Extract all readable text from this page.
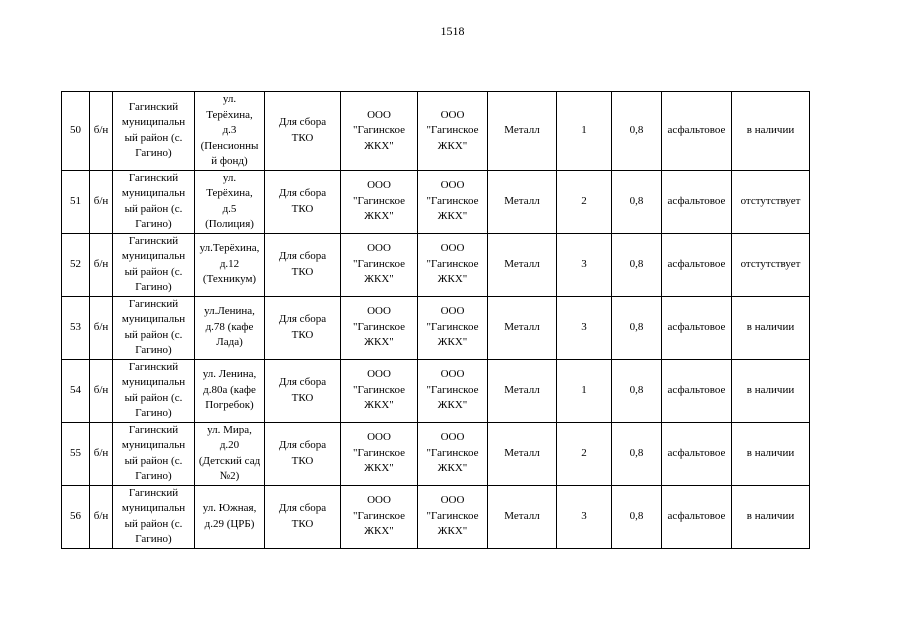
1518
50	б/н	Гагинский
муниципальн
ый район (с.
Гагино)	ул.
Терёхина,
д.3
(Пенсионны
й фонд)	Для сбора
ТКО	ООО
"Гагинское
ЖКХ"	ООО
"Гагинское
ЖКХ"	Металл	1	0,8	асфальтовое	в наличии
51	б/н	Гагинский
муниципальн
ый район (с.
Гагино)	ул.
Терёхина,
д.5
(Полиция)	Для сбора
ТКО	ООО
"Гагинское
ЖКХ"	ООО
"Гагинское
ЖКХ"	Металл	2	0,8	асфальтовое	отстутствует
52	б/н	Гагинский
муниципальн
ый район (с.
Гагино)	ул.Терёхина,
д.12
(Техникум)	Для сбора
ТКО	ООО
"Гагинское
ЖКХ"	ООО
"Гагинское
ЖКХ"	Металл	3	0,8	асфальтовое	отстутствует
53	б/н	Гагинский
муниципальн
ый район (с.
Гагино)	ул.Ленина,
д.78 (кафе
Лада)	Для сбора
ТКО	ООО
"Гагинское
ЖКХ"	ООО
"Гагинское
ЖКХ"	Металл	3	0,8	асфальтовое	в наличии
54	б/н	Гагинский
муниципальн
ый район (с.
Гагино)	ул. Ленина,
д.80а (кафе
Погребок)	Для сбора
ТКО	ООО
"Гагинское
ЖКХ"	ООО
"Гагинское
ЖКХ"	Металл	1	0,8	асфальтовое	в наличии
55	б/н	Гагинский
муниципальн
ый район (с.
Гагино)	ул. Мира,
д.20
(Детский сад
№2)	Для сбора
ТКО	ООО
"Гагинское
ЖКХ"	ООО
"Гагинское
ЖКХ"	Металл	2	0,8	асфальтовое	в наличии
56	б/н	Гагинский
муниципальн
ый район (с.
Гагино)	ул. Южная,
д.29 (ЦРБ)	Для сбора
ТКО	ООО
"Гагинское
ЖКХ"	ООО
"Гагинское
ЖКХ"	Металл	3	0,8	асфальтовое	в наличии
